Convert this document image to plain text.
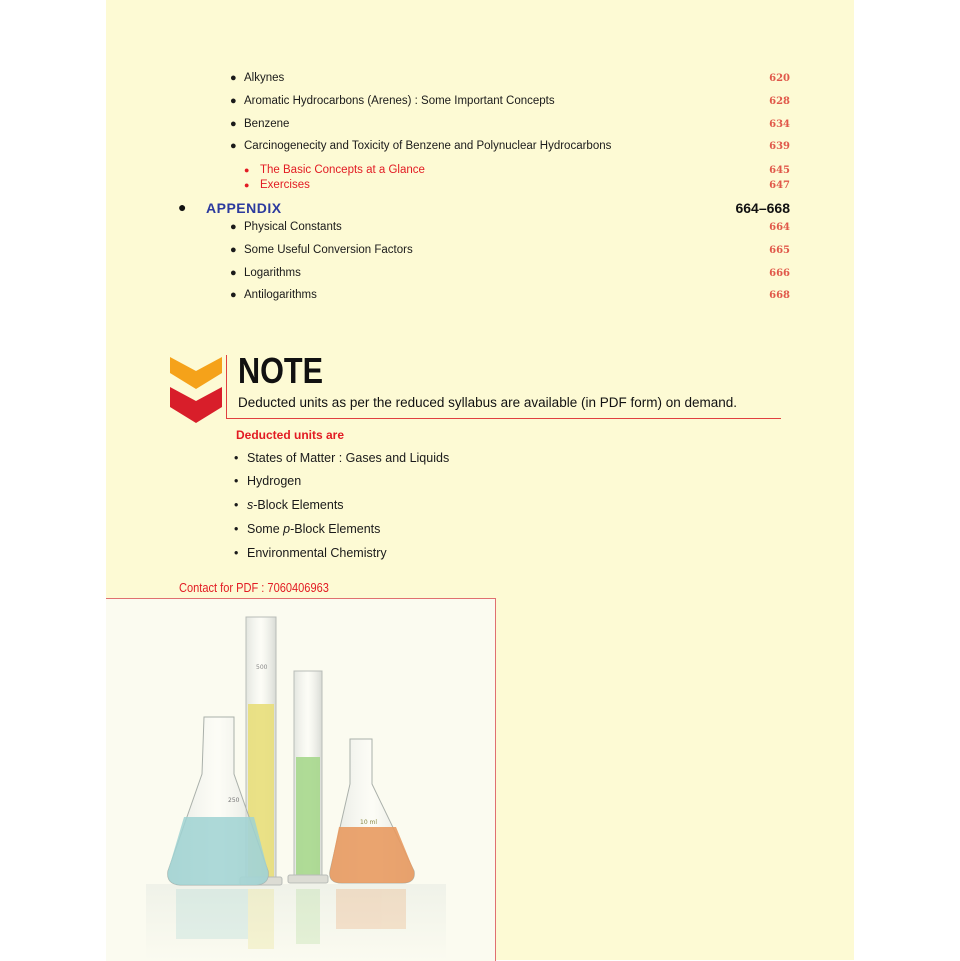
● Alkynes	620
● Aromatic Hydrocarbons (Arenes) : Some Important Concepts	628
● Benzene	634
● Carcinogenecity and Toxicity of Benzene and Polynuclear Hydrocarbons	639
● The Basic Concepts at a Glance	645
● Exercises	647
● APPENDIX	664–668
● Physical Constants	664
● Some Useful Conversion Factors	665
● Logarithms	666
● Antilogarithms	668
NOTE
Deducted units as per the reduced syllabus are available (in PDF form) on demand.
Deducted units are
• States of Matter : Gases and Liquids
• Hydrogen
• s-Block Elements
• Some p-Block Elements
• Environmental Chemistry
Contact for PDF : 7060406963
500
250
10 ml
